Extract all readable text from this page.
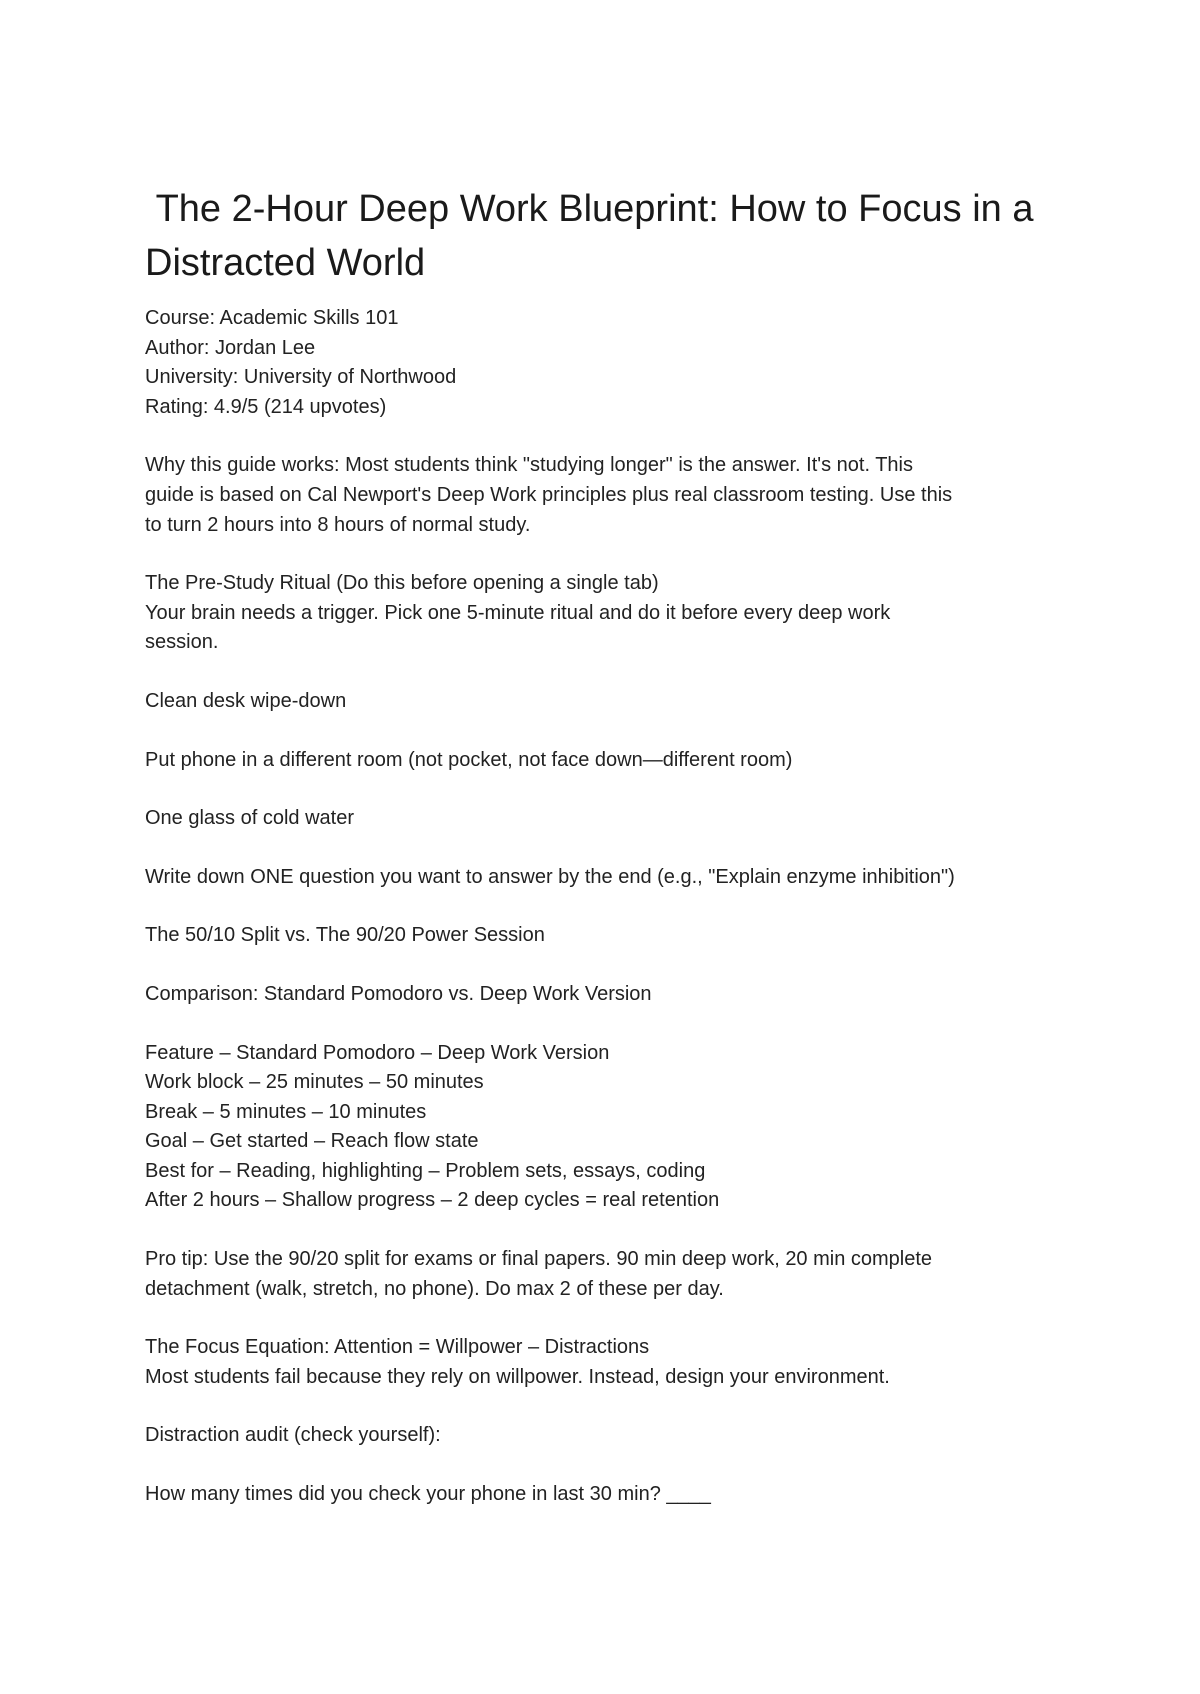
The 2-Hour Deep Work Blueprint: How to Focus in a Distracted World

Course: Academic Skills 101

Author: Jordan Lee

University: University of Northwood

Rating: 4.9/5 (214 upvotes)

Why this guide works: Most students think "studying longer" is the answer. It's not. This

guide is based on Cal Newport's Deep Work principles plus real classroom testing. Use this

to turn 2 hours into 8 hours of normal study.

The Pre-Study Ritual (Do this before opening a single tab)

Your brain needs a trigger. Pick one 5-minute ritual and do it before every deep work

session.

Clean desk wipe-down

Put phone in a different room (not pocket, not face down—different room)

One glass of cold water

Write down ONE question you want to answer by the end (e.g., "Explain enzyme inhibition")

The 50/10 Split vs. The 90/20 Power Session

Comparison: Standard Pomodoro vs. Deep Work Version

Feature – Standard Pomodoro – Deep Work Version

Work block – 25 minutes – 50 minutes

Break – 5 minutes – 10 minutes

Goal – Get started – Reach flow state

Best for – Reading, highlighting – Problem sets, essays, coding

After 2 hours – Shallow progress – 2 deep cycles = real retention

Pro tip: Use the 90/20 split for exams or final papers. 90 min deep work, 20 min complete

detachment (walk, stretch, no phone). Do max 2 of these per day.

The Focus Equation: Attention = Willpower – Distractions

Most students fail because they rely on willpower. Instead, design your environment.

Distraction audit (check yourself):

How many times did you check your phone in last 30 min? ____
